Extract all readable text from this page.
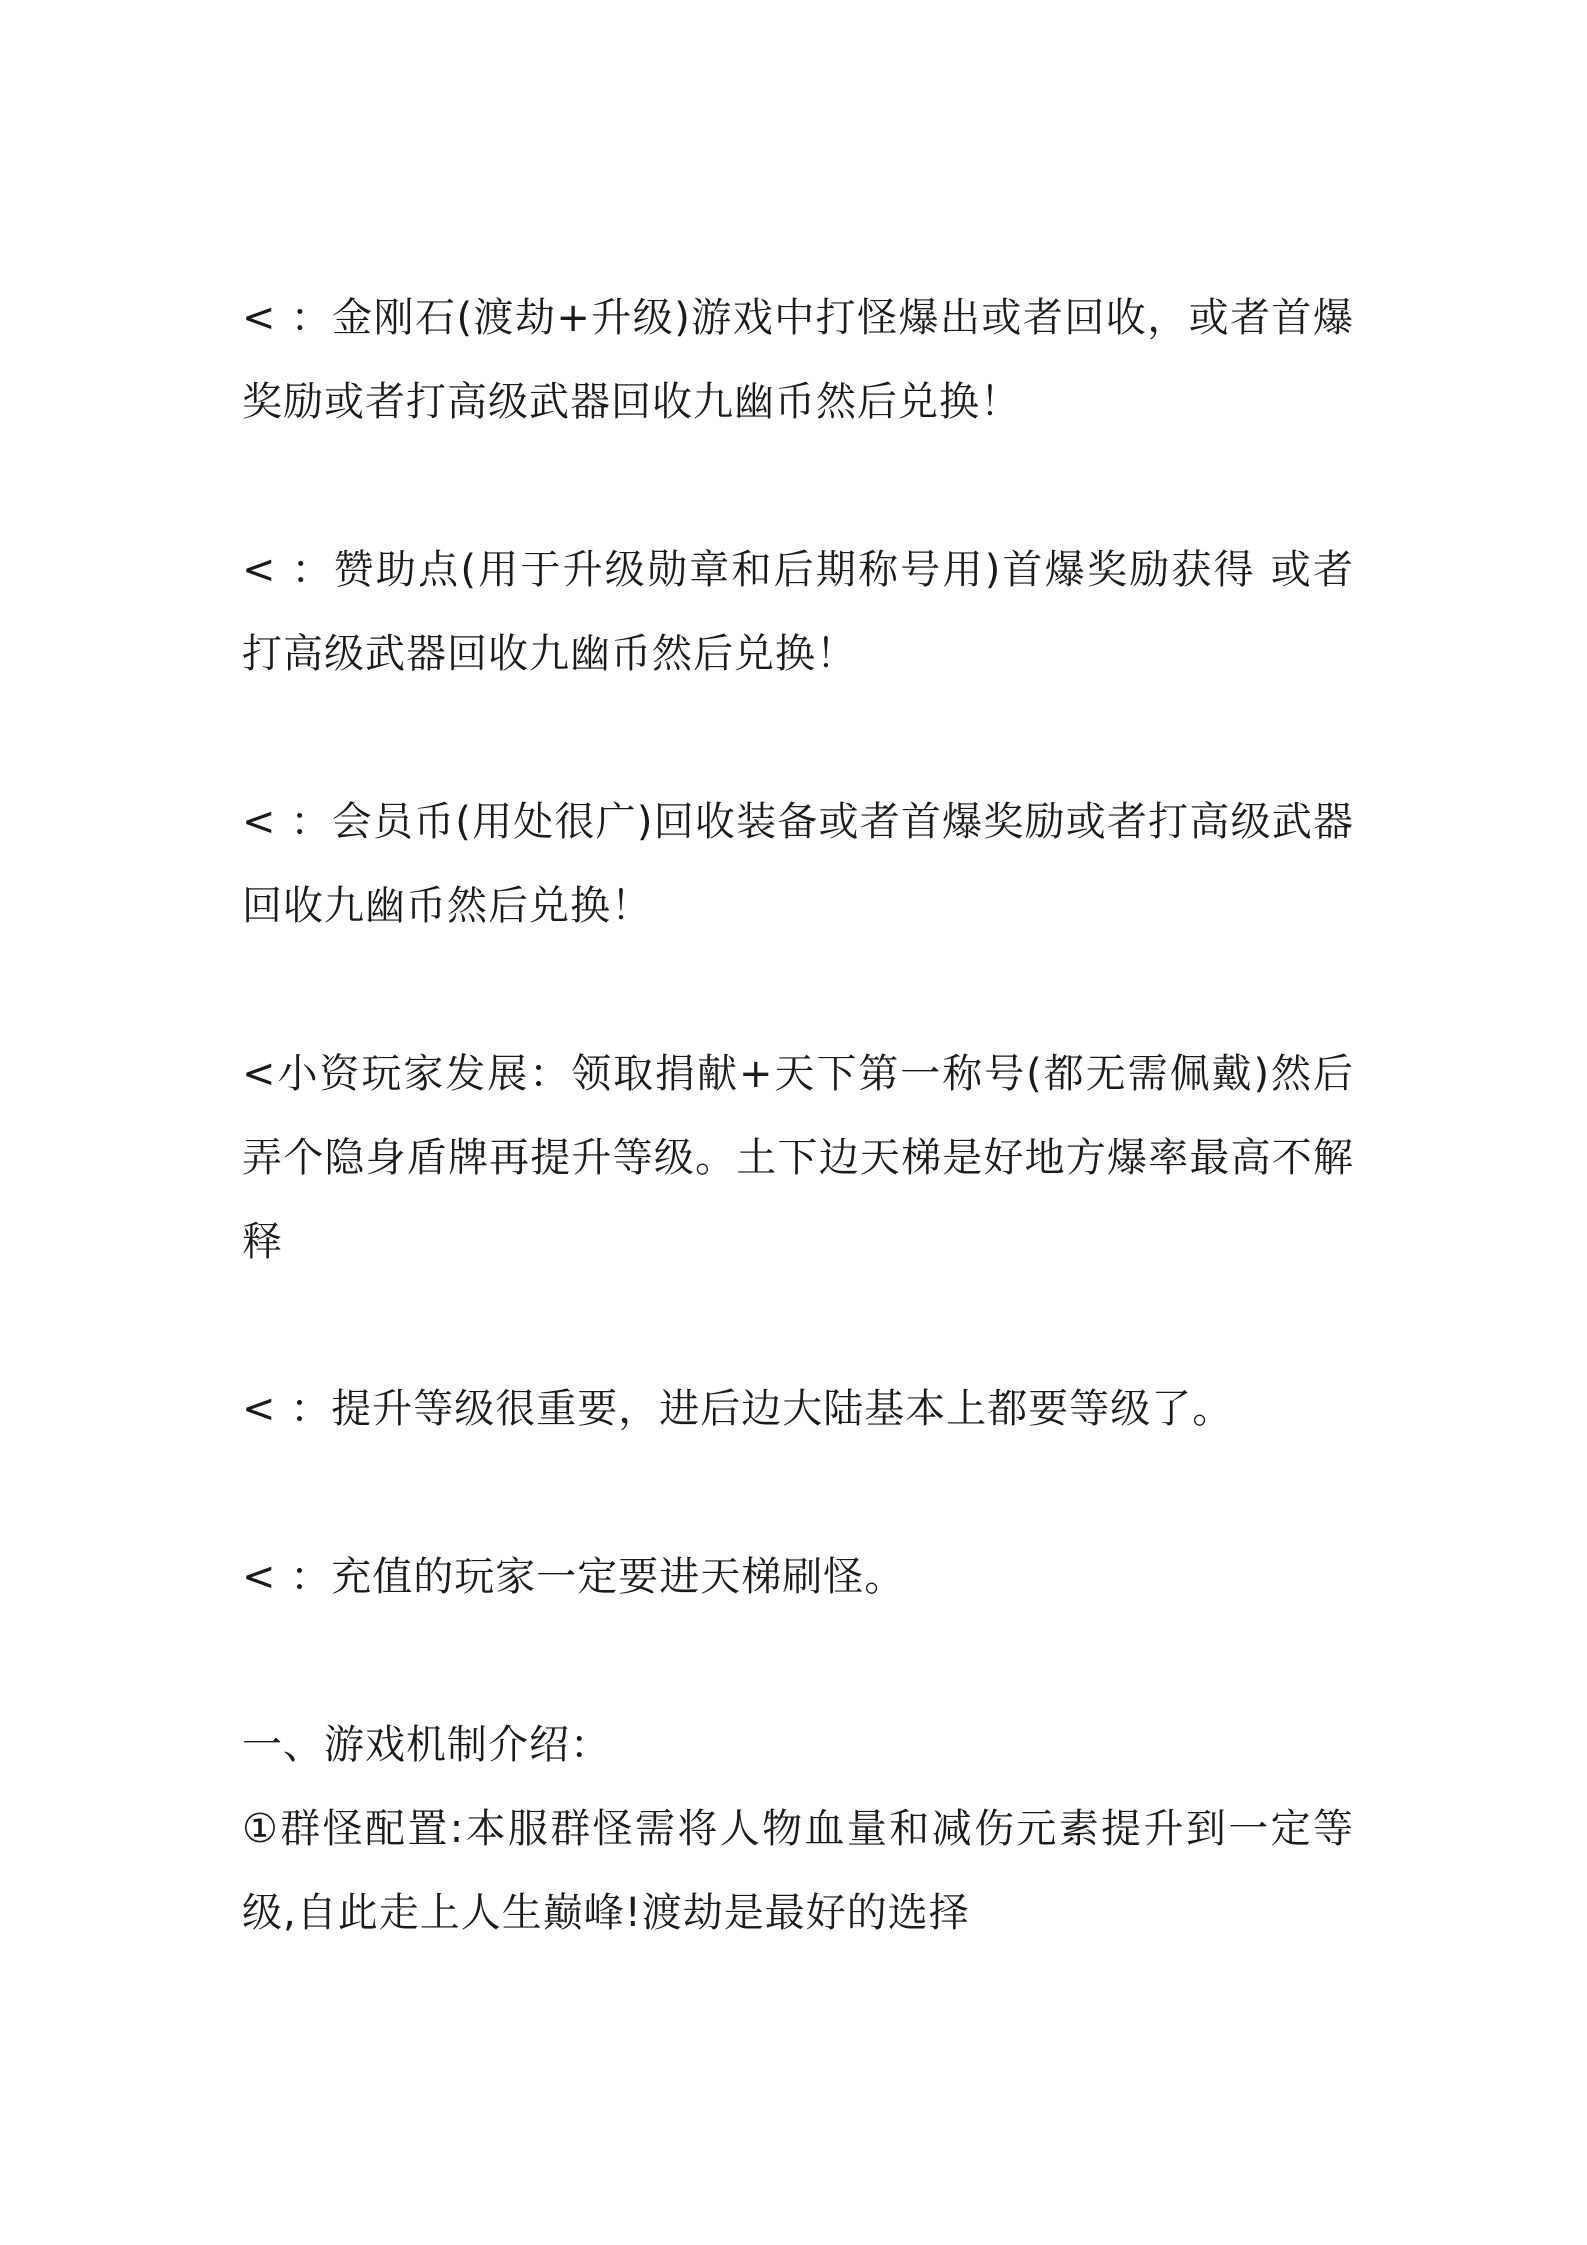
< ：金刚石(渡劫+升级)游戏中打怪爆出或者回收，或者首爆奖励或者打高级武器回收九幽币然后兑换！

< ：赞助点(用于升级勋章和后期称号用)首爆奖励获得 或者打高级武器回收九幽币然后兑换！

< ：会员币(用处很广)回收装备或者首爆奖励或者打高级武器回收九幽币然后兑换！

<小资玩家发展：领取捐献+天下第一称号(都无需佩戴)然后弄个隐身盾牌再提升等级。土下边天梯是好地方爆率最高不解释

< ：提升等级很重要，进后边大陆基本上都要等级了。

< ：充值的玩家一定要进天梯刷怪。

一、游戏机制介绍：

①群怪配置:本服群怪需将人物血量和减伤元素提升到一定等级,自此走上人生巅峰!渡劫是最好的选择
